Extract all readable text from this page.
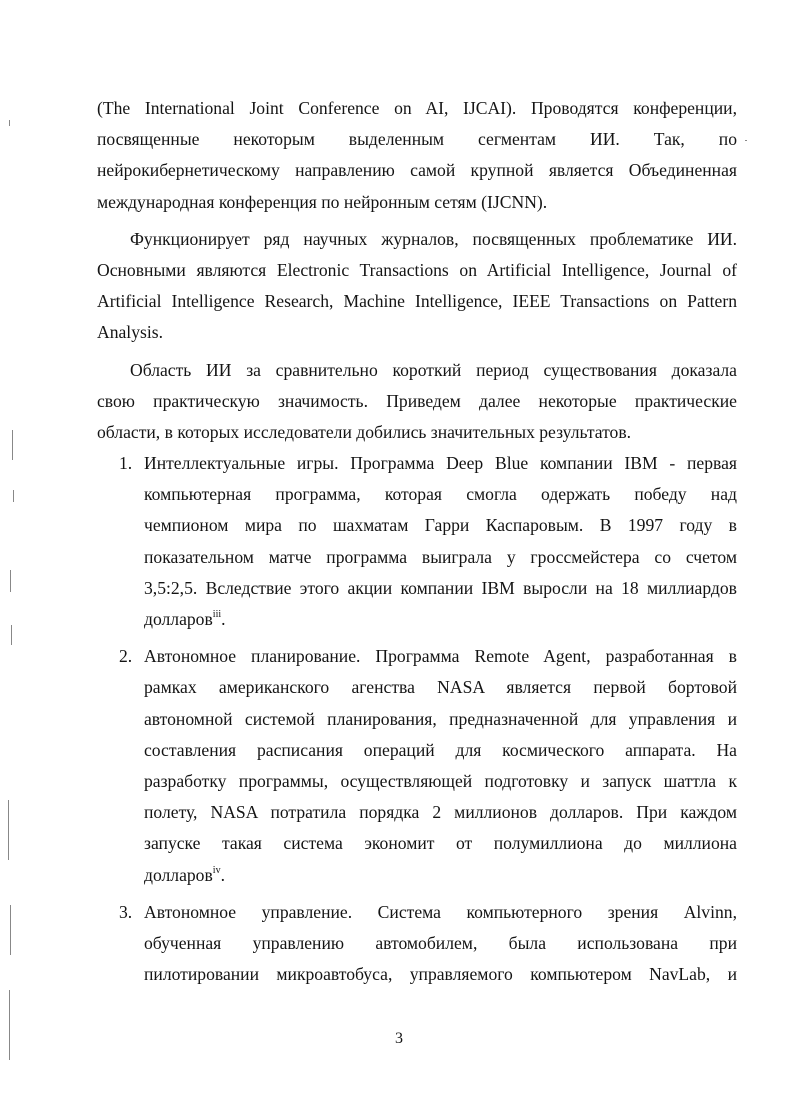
(The International Joint Conference on AI, IJCAI). Проводятся конференции,
посвященные некоторым выделенным сегментам ИИ. Так, по
нейрокибернетическому направлению самой крупной является Объединенная
международная конференция по нейронным сетям (IJCNN).
Функционирует ряд научных журналов, посвященных проблематике ИИ.
Основными являются Electronic Transactions on Artificial Intelligence, Journal of
Artificial Intelligence Research, Machine Intelligence, IEEE Transactions on Pattern
Analysis.
Область ИИ за сравнительно короткий период существования доказала
свою практическую значимость. Приведем далее некоторые практические
области, в которых исследователи добились значительных результатов.
1. Интеллектуальные игры. Программа Deep Blue компании IBM - первая
компьютерная программа, которая смогла одержать победу над
чемпионом мира по шахматам Гарри Каспаровым. В 1997 году в
показательном матче программа выиграла у гроссмейстера со счетом
3,5:2,5. Вследствие этого акции компании IBM выросли на 18 миллиардов
долларов$^{iii}$.
2. Автономное планирование. Программа Remote Agent, разработанная в
рамках американского агенства NASA является первой бортовой
автономной системой планирования, предназначенной для управления и
составления расписания операций для космического аппарата. На
разработку программы, осуществляющей подготовку и запуск шаттла к
полету, NASA потратила порядка 2 миллионов долларов. При каждом
запуске такая система экономит от полумиллиона до миллиона
долларов$^{iv}$.
3. Автономное управление. Система компьютерного зрения Alvinn,
обученная управлению автомобилем, была использована при
пилотировании микроавтобуса, управляемого компьютером NavLab, и
3
